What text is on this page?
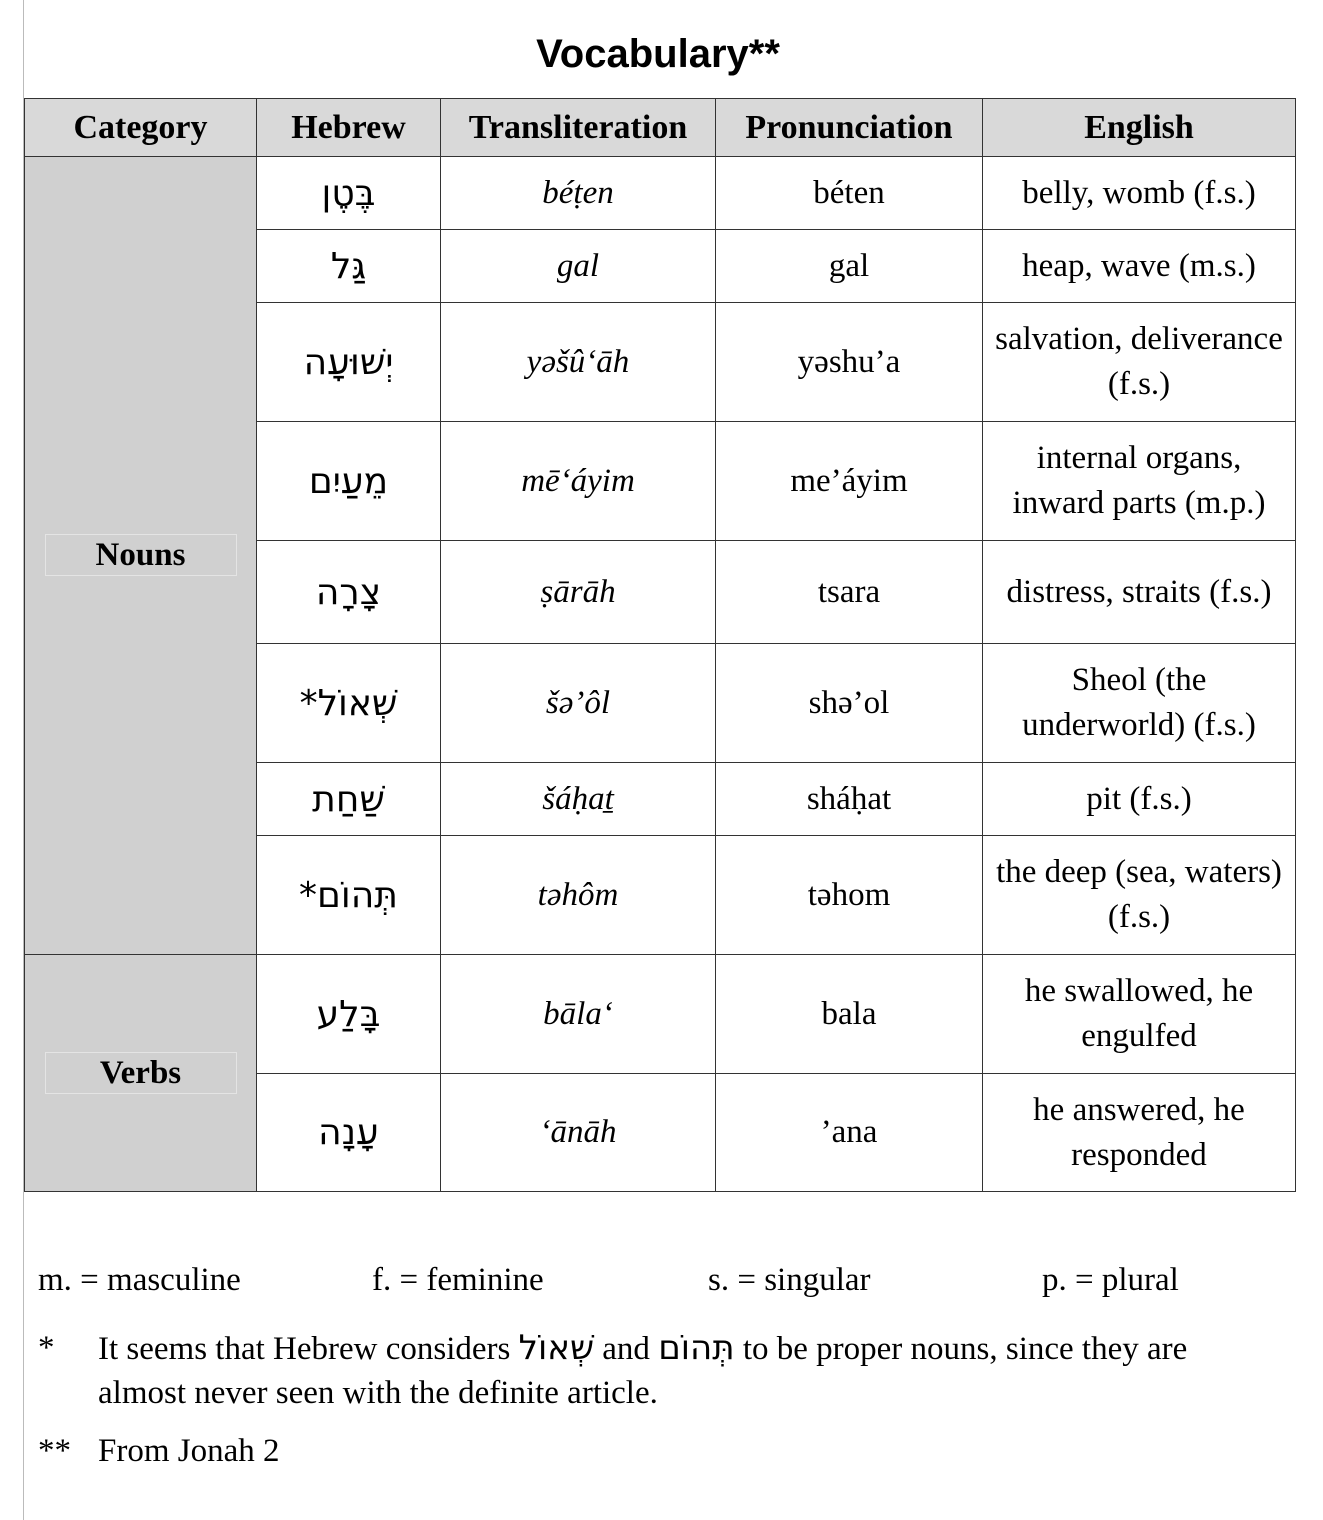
Vocabulary**
Category	Hebrew	Transliteration	Pronunciation	English
Nouns	בֶּטֶן	béṭen	béten	belly, womb (f.s.)
	גַּל	gal	gal	heap, wave (m.s.)
	יְשׁוּעָה	yəšû‘āh	yəshu’a	salvation, deliverance (f.s.)
	מֵעַיִם	mē‘áyim	me’áyim	internal organs, inward parts (m.p.)
	צָרָה	ṣārāh	tsara	distress, straits (f.s.)
	שְׁאוֹל*	šə’ôl	shə’ol	Sheol (the underworld) (f.s.)
	שַׁחַת	šáḥaṯ	sháḥat	pit (f.s.)
	תְּהוֹם*	təhôm	təhom	the deep (sea, waters) (f.s.)
Verbs	בָּלַע	bāla‘	bala	he swallowed, he engulfed
	עָנָה	‘ānāh	’ana	he answered, he responded
m. = masculine	f. = feminine	s. = singular	p. = plural
*	It seems that Hebrew considers שְׁאוֹל and תְּהוֹם to be proper nouns, since they are almost never seen with the definite article.
** From Jonah 2
